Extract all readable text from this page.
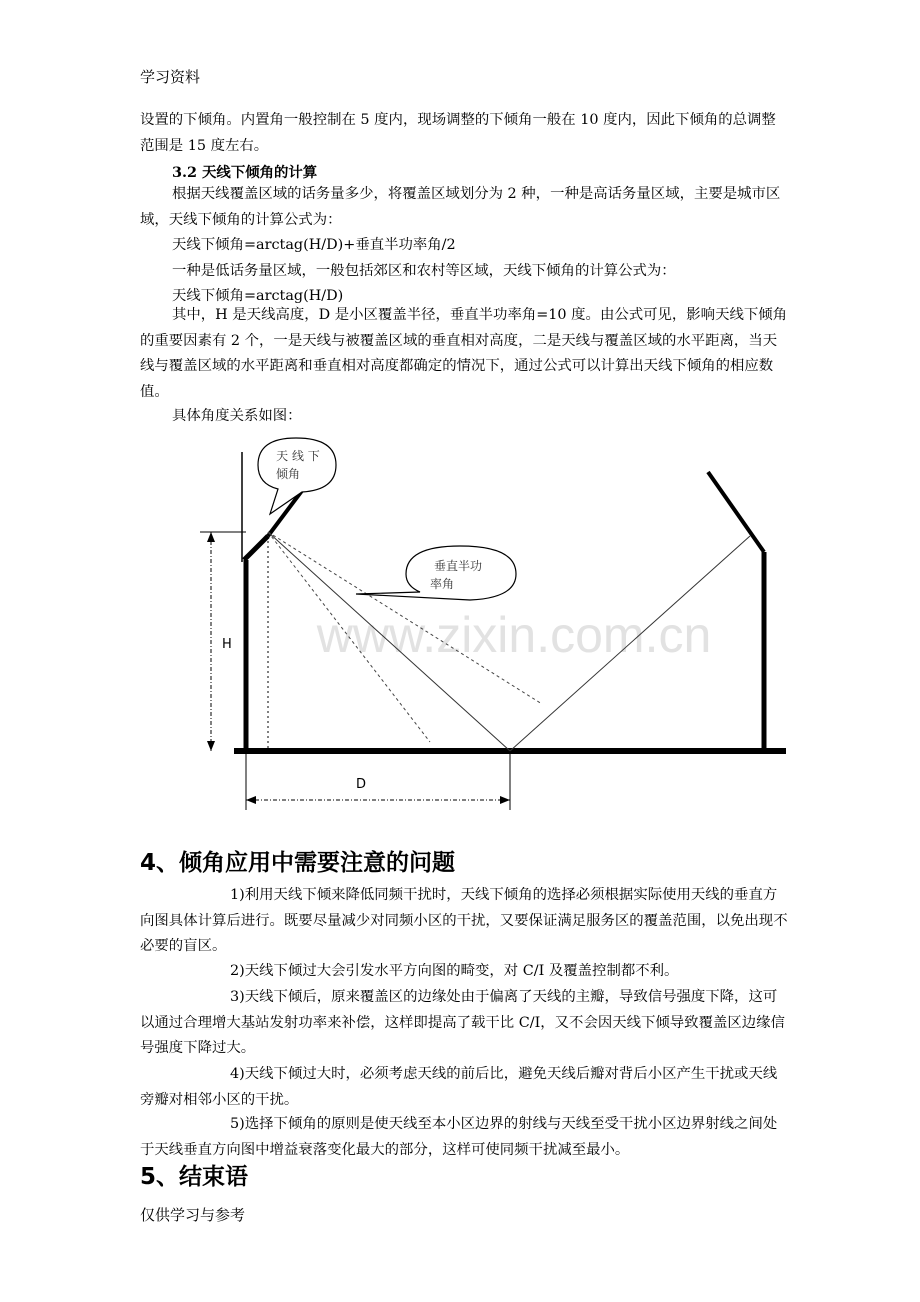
学习资料
设置的下倾角。内置角一般控制在 5 度内，现场调整的下倾角一般在 10 度内，因此下倾角的总调整范围是 15 度左右。
3.2 天线下倾角的计算
根据天线覆盖区域的话务量多少，将覆盖区域划分为 2 种，一种是高话务量区域，主要是城市区域，天线下倾角的计算公式为：
天线下倾角=arctag(H/D)+垂直半功率角/2
一种是低话务量区域，一般包括郊区和农村等区域，天线下倾角的计算公式为：
天线下倾角=arctag(H/D)
其中，H 是天线高度，D 是小区覆盖半径，垂直半功率角=10 度。由公式可见，影响天线下倾角的重要因素有 2 个，一是天线与被覆盖区域的垂直相对高度，二是天线与覆盖区域的水平距离，当天线与覆盖区域的水平距离和垂直相对高度都确定的情况下，通过公式可以计算出天线下倾角的相应数值。
具体角度关系如图：
www.zixin.com.cn
H
D
天 线 下
倾角
垂直半功
率角
4、倾角应用中需要注意的问题
1)利用天线下倾来降低同频干扰时，天线下倾角的选择必须根据实际使用天线的垂直方向图具体计算后进行。既要尽量减少对同频小区的干扰，又要保证满足服务区的覆盖范围，以免出现不必要的盲区。
2)天线下倾过大会引发水平方向图的畸变，对 C/I 及覆盖控制都不利。
3)天线下倾后，原来覆盖区的边缘处由于偏离了天线的主瓣，导致信号强度下降，这可以通过合理增大基站发射功率来补偿，这样即提高了载干比 C/I，又不会因天线下倾导致覆盖区边缘信号强度下降过大。
4)天线下倾过大时，必须考虑天线的前后比，避免天线后瓣对背后小区产生干扰或天线旁瓣对相邻小区的干扰。
5)选择下倾角的原则是使天线至本小区边界的射线与天线至受干扰小区边界射线之间处于天线垂直方向图中增益衰落变化最大的部分，这样可使同频干扰减至最小。
5、结束语
仅供学习与参考
